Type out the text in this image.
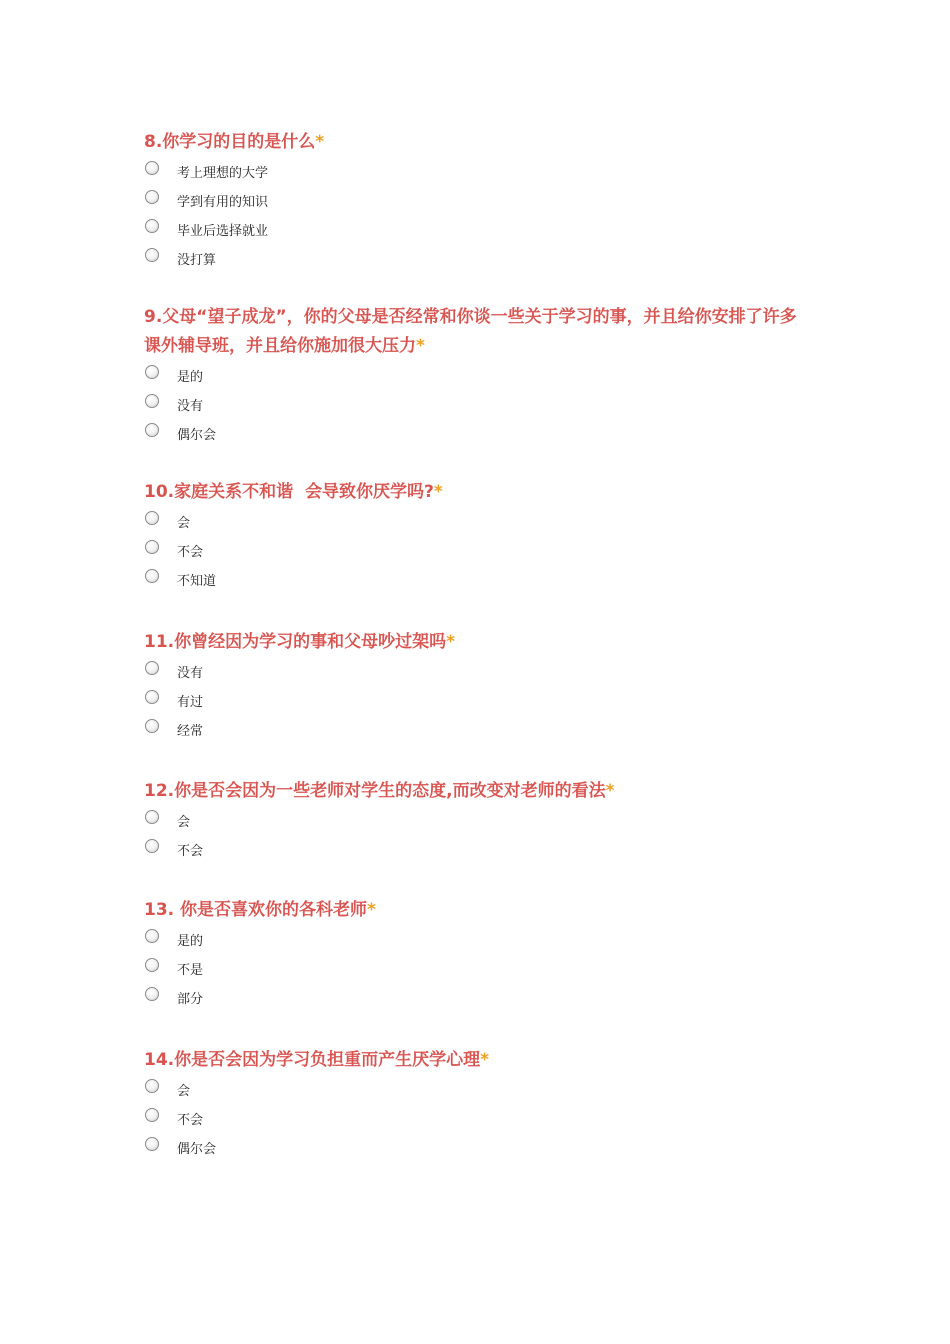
8.你学习的目的是什么*
考上理想的大学
学到有用的知识
毕业后选择就业
没打算
9.父母“望子成龙”，你的父母是否经常和你谈一些关于学习的事，并且给你安排了许多课外辅导班，并且给你施加很大压力*
是的
没有
偶尔会
10.家庭关系不和谐  会导致你厌学吗?*
会
不会
不知道
11.你曾经因为学习的事和父母吵过架吗*
没有
有过
经常
12.你是否会因为一些老师对学生的态度,而改变对老师的看法*
会
不会
13. 你是否喜欢你的各科老师*
是的
不是
部分
14.你是否会因为学习负担重而产生厌学心理*
会
不会
偶尔会
